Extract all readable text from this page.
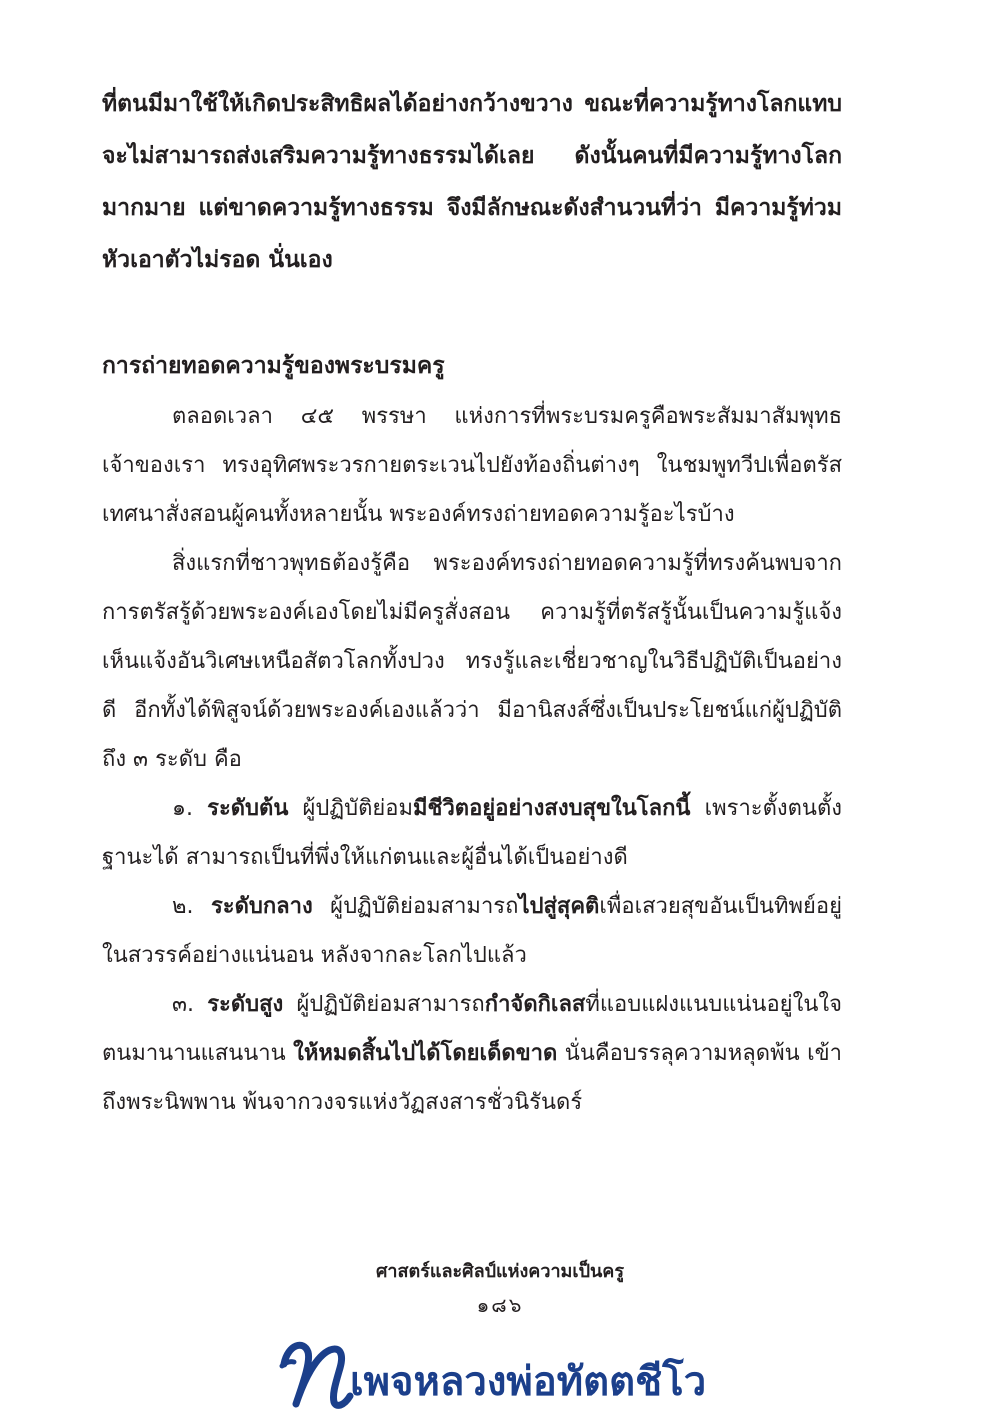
ที่ตนมีมาใช้ให้เกิดประสิทธิผลได้อย่างกว้างขวาง ขณะที่ความรู้ทางโลกแทบจะไม่สามารถส่งเสริมความรู้ทางธรรมได้เลย ดังนั้นคนที่มีความรู้ทางโลกมากมาย แต่ขาดความรู้ทางธรรม จึงมีลักษณะดังสำนวนที่ว่า มีความรู้ท่วมหัวเอาตัวไม่รอด นั่นเอง

การถ่ายทอดความรู้ของพระบรมครู

ตลอดเวลา ๔๕ พรรษา แห่งการที่พระบรมครูคือพระสัมมาสัมพุทธเจ้าของเรา ทรงอุทิศพระวรกายตระเวนไปยังท้องถิ่นต่างๆ ในชมพูทวีปเพื่อตรัสเทศนาสั่งสอนผู้คนทั้งหลายนั้น พระองค์ทรงถ่ายทอดความรู้อะไรบ้าง

สิ่งแรกที่ชาวพุทธต้องรู้คือ พระองค์ทรงถ่ายทอดความรู้ที่ทรงค้นพบจากการตรัสรู้ด้วยพระองค์เองโดยไม่มีครูสั่งสอน ความรู้ที่ตรัสรู้นั้นเป็นความรู้แจ้งเห็นแจ้งอันวิเศษเหนือสัตวโลกทั้งปวง ทรงรู้และเชี่ยวชาญในวิธีปฏิบัติเป็นอย่างดี อีกทั้งได้พิสูจน์ด้วยพระองค์เองแล้วว่า มีอานิสงส์ซึ่งเป็นประโยชน์แก่ผู้ปฏิบัติถึง ๓ ระดับ คือ

๑. ระดับต้น ผู้ปฏิบัติย่อมมีชีวิตอยู่อย่างสงบสุขในโลกนี้ เพราะตั้งตนตั้งฐานะได้ สามารถเป็นที่พึ่งให้แก่ตนและผู้อื่นได้เป็นอย่างดี

๒. ระดับกลาง ผู้ปฏิบัติย่อมสามารถไปสู่สุคติเพื่อเสวยสุขอันเป็นทิพย์อยู่ในสวรรค์อย่างแน่นอน หลังจากละโลกไปแล้ว

๓. ระดับสูง ผู้ปฏิบัติย่อมสามารถกำจัดกิเลสที่แอบแฝงแนบแน่นอยู่ในใจตนมานานแสนนาน ให้หมดสิ้นไปได้โดยเด็ดขาด นั่นคือบรรลุความหลุดพ้น เข้าถึงพระนิพพาน พ้นจากวงจรแห่งวัฏสงสารชั่วนิรันดร์

ศาสตร์และศิลป์แห่งความเป็นครู
๑๘๖
เพจหลวงพ่อทัตตชีโว
